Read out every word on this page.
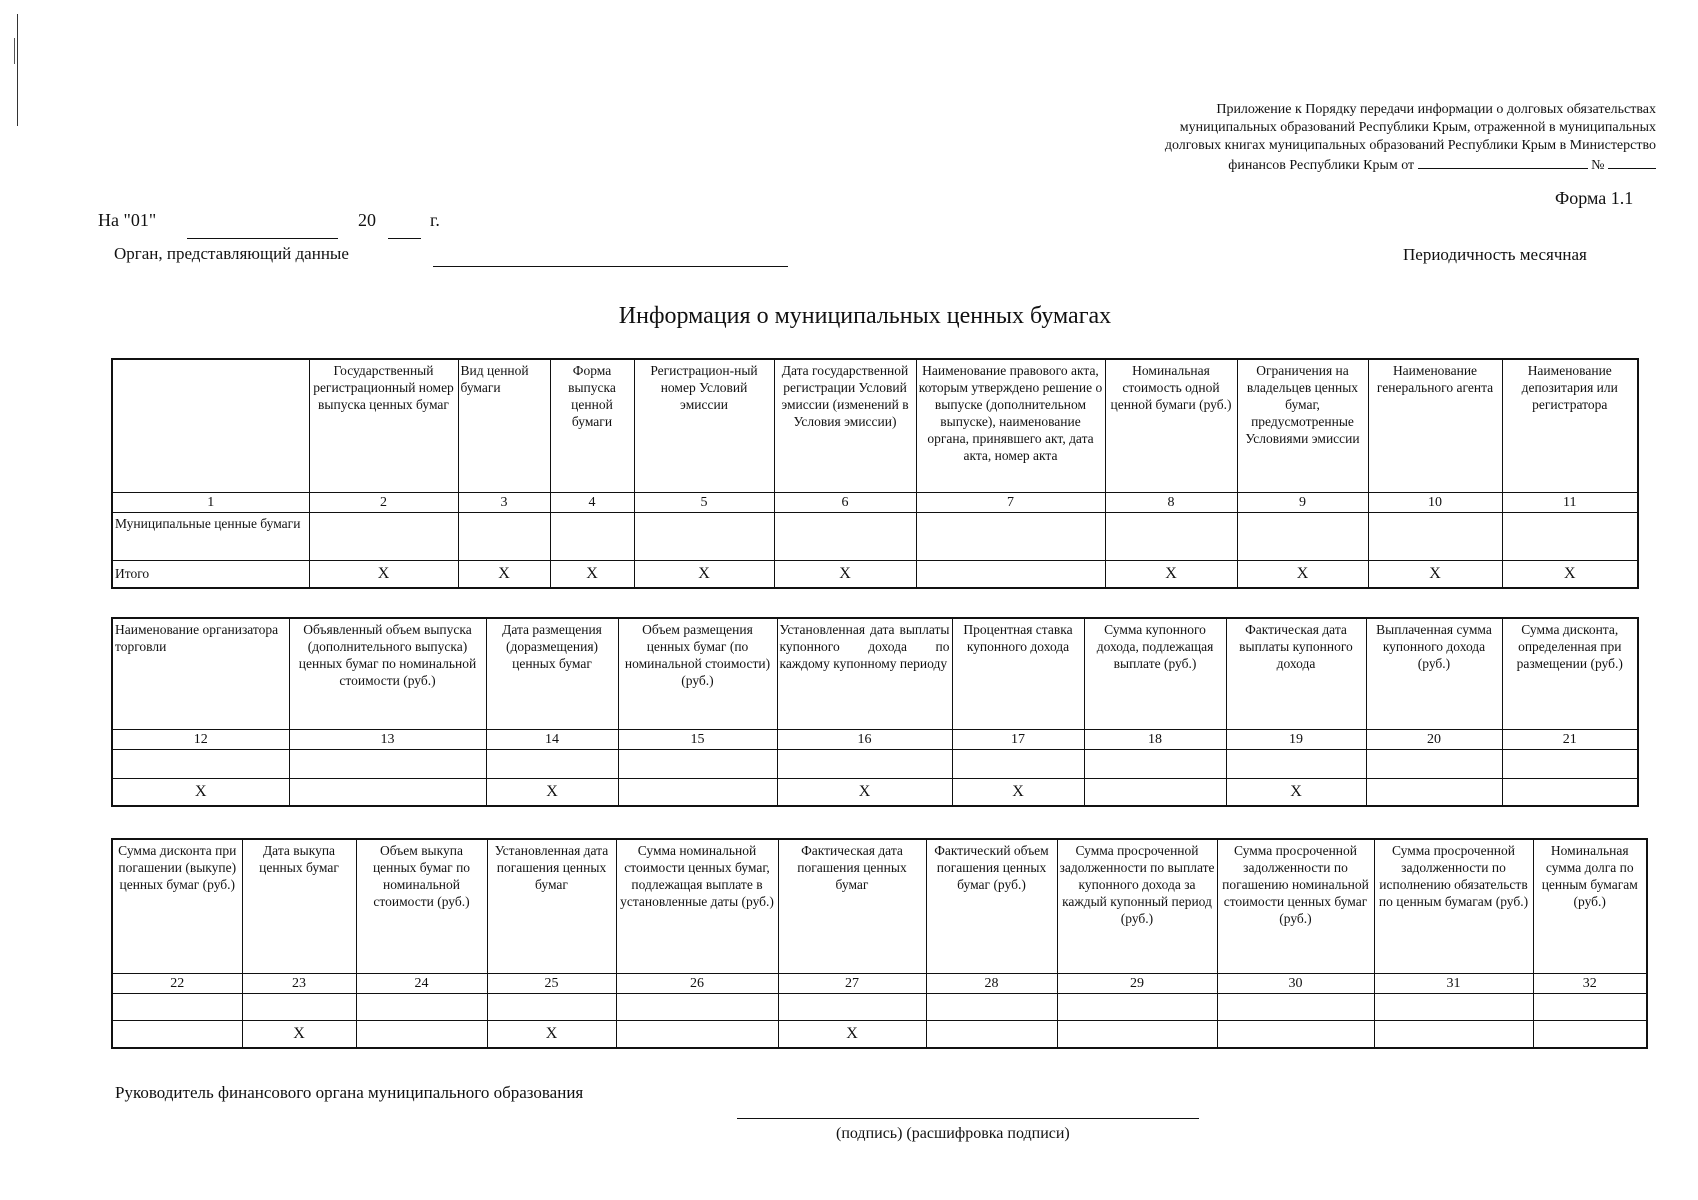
Приложение к Порядку передачи информации о долговых обязательствах
муниципальных образований Республики Крым, отраженной в муниципальных
долговых книгах муниципальных образований Республики Крым в Министерство
финансов Республики Крым от	№
Форма 1.1
На "01"	20	г.
Орган, представляющий данные	Периодичность месячная
Информация о муниципальных ценных бумагах
	Государственный регистрационный номер выпуска ценных бумаг	Вид ценной бумаги	Форма выпуска ценной бумаги	Регистрацион-ный номер Условий эмиссии	Дата государственной регистрации Условий эмиссии (изменений в Условия эмиссии)	Наименование правового акта, которым утверждено решение о выпуске (дополнительном выпуске), наименование органа, принявшего акт, дата акта, номер акта	Номинальная стоимость одной ценной бумаги (руб.)	Ограничения на владельцев ценных бумаг, предусмотренные Условиями эмиссии	Наименование генерального агента	Наименование депозитария или регистратора
1	2	3	4	5	6	7	8	9	10	11
Муниципальные ценные бумаги										
Итого	Х	Х	Х	Х	Х		Х	Х	Х	Х
Наименование организатора торговли	Объявленный объем выпуска (дополнительного выпуска) ценных бумаг по номинальной стоимости (руб.)	Дата размещения (доразмещения) ценных бумаг	Объем размещения ценных бумаг (по номинальной стоимости) (руб.)	Установленная дата выплаты купонного дохода по каждому купонному периоду	Процентная ставка купонного дохода	Сумма купонного дохода, подлежащая выплате (руб.)	Фактическая дата выплаты купонного дохода	Выплаченная сумма купонного дохода (руб.)	Сумма дисконта, определенная при размещении (руб.)
12	13	14	15	16	17	18	19	20	21

Х		Х		Х	Х		Х		
Сумма дисконта при погашении (выкупе) ценных бумаг (руб.)	Дата выкупа ценных бумаг	Объем выкупа ценных бумаг по номинальной стоимости (руб.)	Установленная дата погашения ценных бумаг	Сумма номинальной стоимости ценных бумаг, подлежащая выплате в установленные даты (руб.)	Фактическая дата погашения ценных бумаг	Фактический объем погашения ценных бумаг (руб.)	Сумма просроченной задолженности по выплате купонного дохода за каждый купонный период (руб.)	Сумма просроченной задолженности по погашению номинальной стоимости ценных бумаг (руб.)	Сумма просроченной задолженности по исполнению обязательств по ценным бумагам (руб.)	Номинальная сумма долга по ценным бумагам (руб.)
22	23	24	25	26	27	28	29	30	31	32

	Х		Х		Х					
Руководитель финансового органа муниципального образования
(подпись) (расшифровка подписи)
